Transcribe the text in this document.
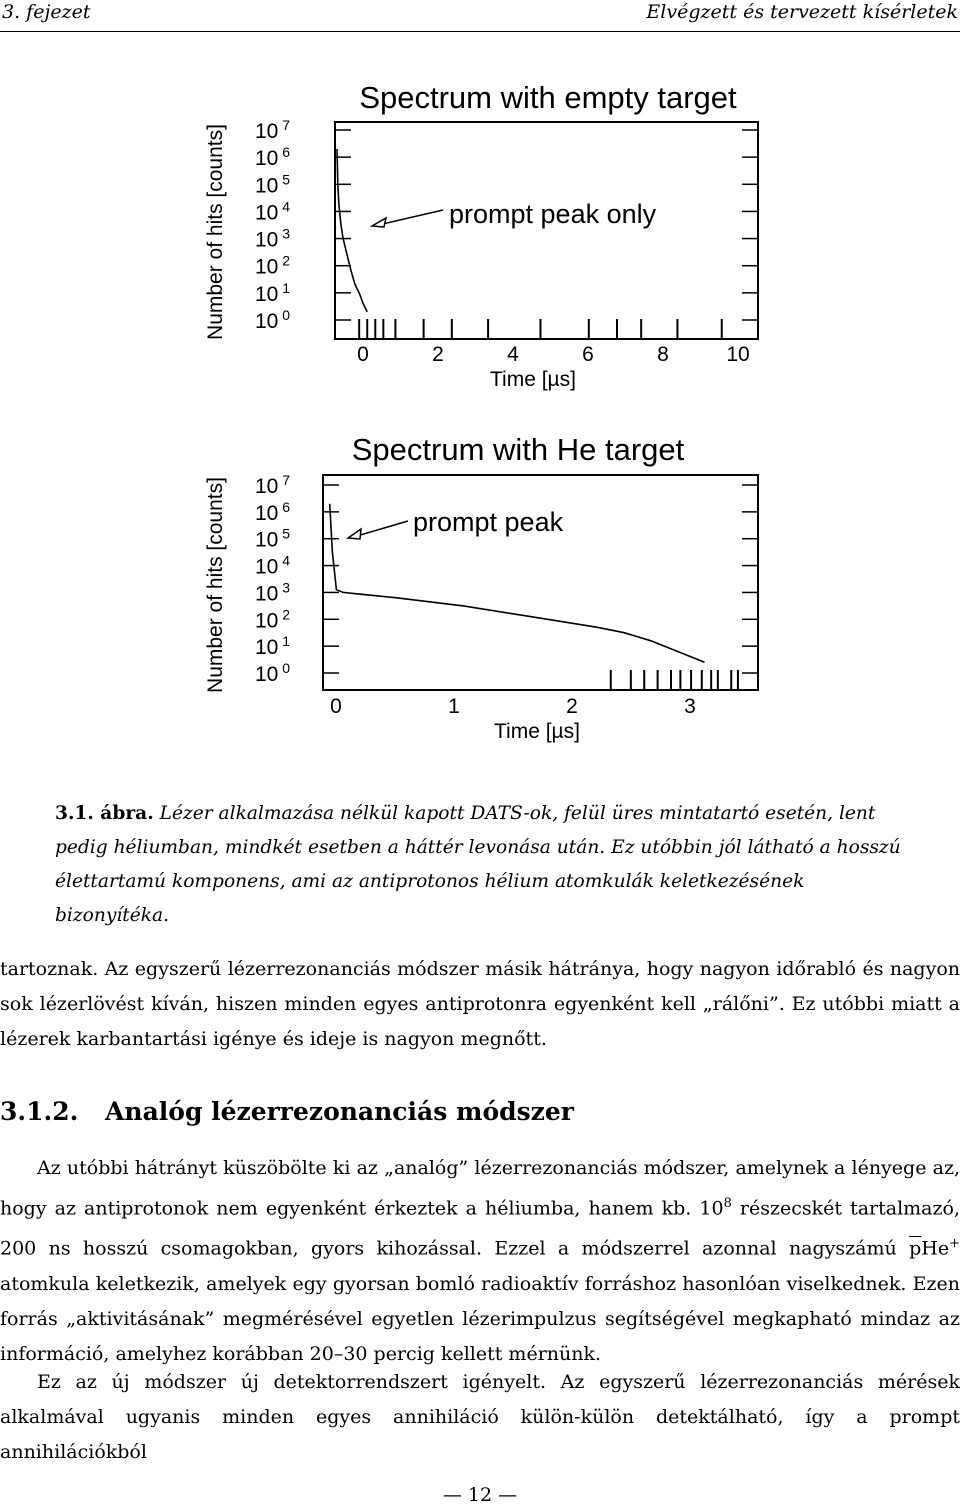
3. fejezet	Elvégzett és tervezett kísérletek
Spectrum with empty target
Number of hits [counts]
Time [µs]
10 $^7$
10 $^6$
10 $^5$
10 $^4$
10 $^3$
10 $^2$
10 $^1$
10 $^0$
0	2	4	6	8	10
prompt peak only
Spectrum with He target
Number of hits [counts]
Time [µs]
10 $^7$
10 $^6$
10 $^5$
10 $^4$
10 $^3$
10 $^2$
10 $^1$
10 $^0$
0	1	2	3
prompt peak
3.1. ábra. Lézer alkalmazása nélkül kapott DATS-ok, felül üres mintatartó esetén, lent pedig héliumban, mindkét esetben a háttér levonása után. Ez utóbbin jól látható a hosszú élettartamú komponens, ami az antiprotonos hélium atomkulák keletkezésének bizonyítéka.
tartoznak. Az egyszerű lézerrezonanciás módszer másik hátránya, hogy nagyon időrabló és nagyon sok lézerlövést kíván, hiszen minden egyes antiprotonra egyenként kell „rálőni”. Ez utóbbi miatt a lézerek karbantartási igénye és ideje is nagyon megnőtt.
3.1.2. Analóg lézerrezonanciás módszer
Az utóbbi hátrányt küszöbölte ki az „analóg” lézerrezonanciás módszer, amelynek a lényege az, hogy az antiprotonok nem egyenként érkeztek a héliumba, hanem kb. $10^8$ részecskét tartalmazó, 200 ns hosszú csomagokban, gyors kihozással. Ezzel a módszerrel azonnal nagyszámú $\overline{p}He^+$ atomkula keletkezik, amelyek egy gyorsan bomló radioaktív forráshoz hasonlóan viselkednek. Ezen forrás „aktivitásának” megmérésével egyetlen lézerimpulzus segítségével megkapható mindaz az információ, amelyhez korábban 20–30 percig kellett mérnünk.
Ez az új módszer új detektorrendszert igényelt. Az egyszerű lézerrezonanciás mérések alkalmával ugyanis minden egyes annihiláció külön-külön detektálható, így a prompt annihilációkból
— 12 —
